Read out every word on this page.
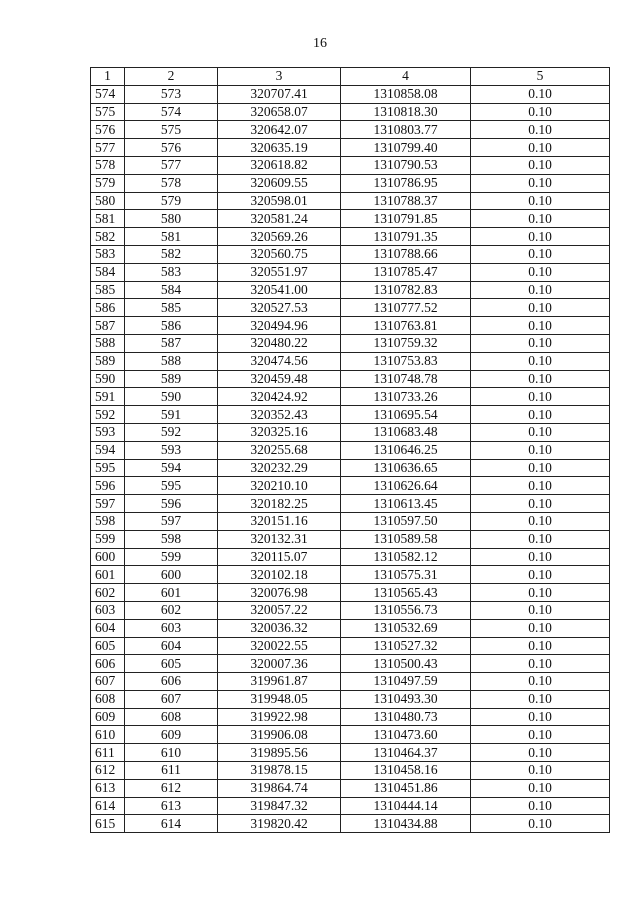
16
1	2	3	4	5
574	573	320707.41	1310858.08	0.10
575	574	320658.07	1310818.30	0.10
576	575	320642.07	1310803.77	0.10
577	576	320635.19	1310799.40	0.10
578	577	320618.82	1310790.53	0.10
579	578	320609.55	1310786.95	0.10
580	579	320598.01	1310788.37	0.10
581	580	320581.24	1310791.85	0.10
582	581	320569.26	1310791.35	0.10
583	582	320560.75	1310788.66	0.10
584	583	320551.97	1310785.47	0.10
585	584	320541.00	1310782.83	0.10
586	585	320527.53	1310777.52	0.10
587	586	320494.96	1310763.81	0.10
588	587	320480.22	1310759.32	0.10
589	588	320474.56	1310753.83	0.10
590	589	320459.48	1310748.78	0.10
591	590	320424.92	1310733.26	0.10
592	591	320352.43	1310695.54	0.10
593	592	320325.16	1310683.48	0.10
594	593	320255.68	1310646.25	0.10
595	594	320232.29	1310636.65	0.10
596	595	320210.10	1310626.64	0.10
597	596	320182.25	1310613.45	0.10
598	597	320151.16	1310597.50	0.10
599	598	320132.31	1310589.58	0.10
600	599	320115.07	1310582.12	0.10
601	600	320102.18	1310575.31	0.10
602	601	320076.98	1310565.43	0.10
603	602	320057.22	1310556.73	0.10
604	603	320036.32	1310532.69	0.10
605	604	320022.55	1310527.32	0.10
606	605	320007.36	1310500.43	0.10
607	606	319961.87	1310497.59	0.10
608	607	319948.05	1310493.30	0.10
609	608	319922.98	1310480.73	0.10
610	609	319906.08	1310473.60	0.10
611	610	319895.56	1310464.37	0.10
612	611	319878.15	1310458.16	0.10
613	612	319864.74	1310451.86	0.10
614	613	319847.32	1310444.14	0.10
615	614	319820.42	1310434.88	0.10
